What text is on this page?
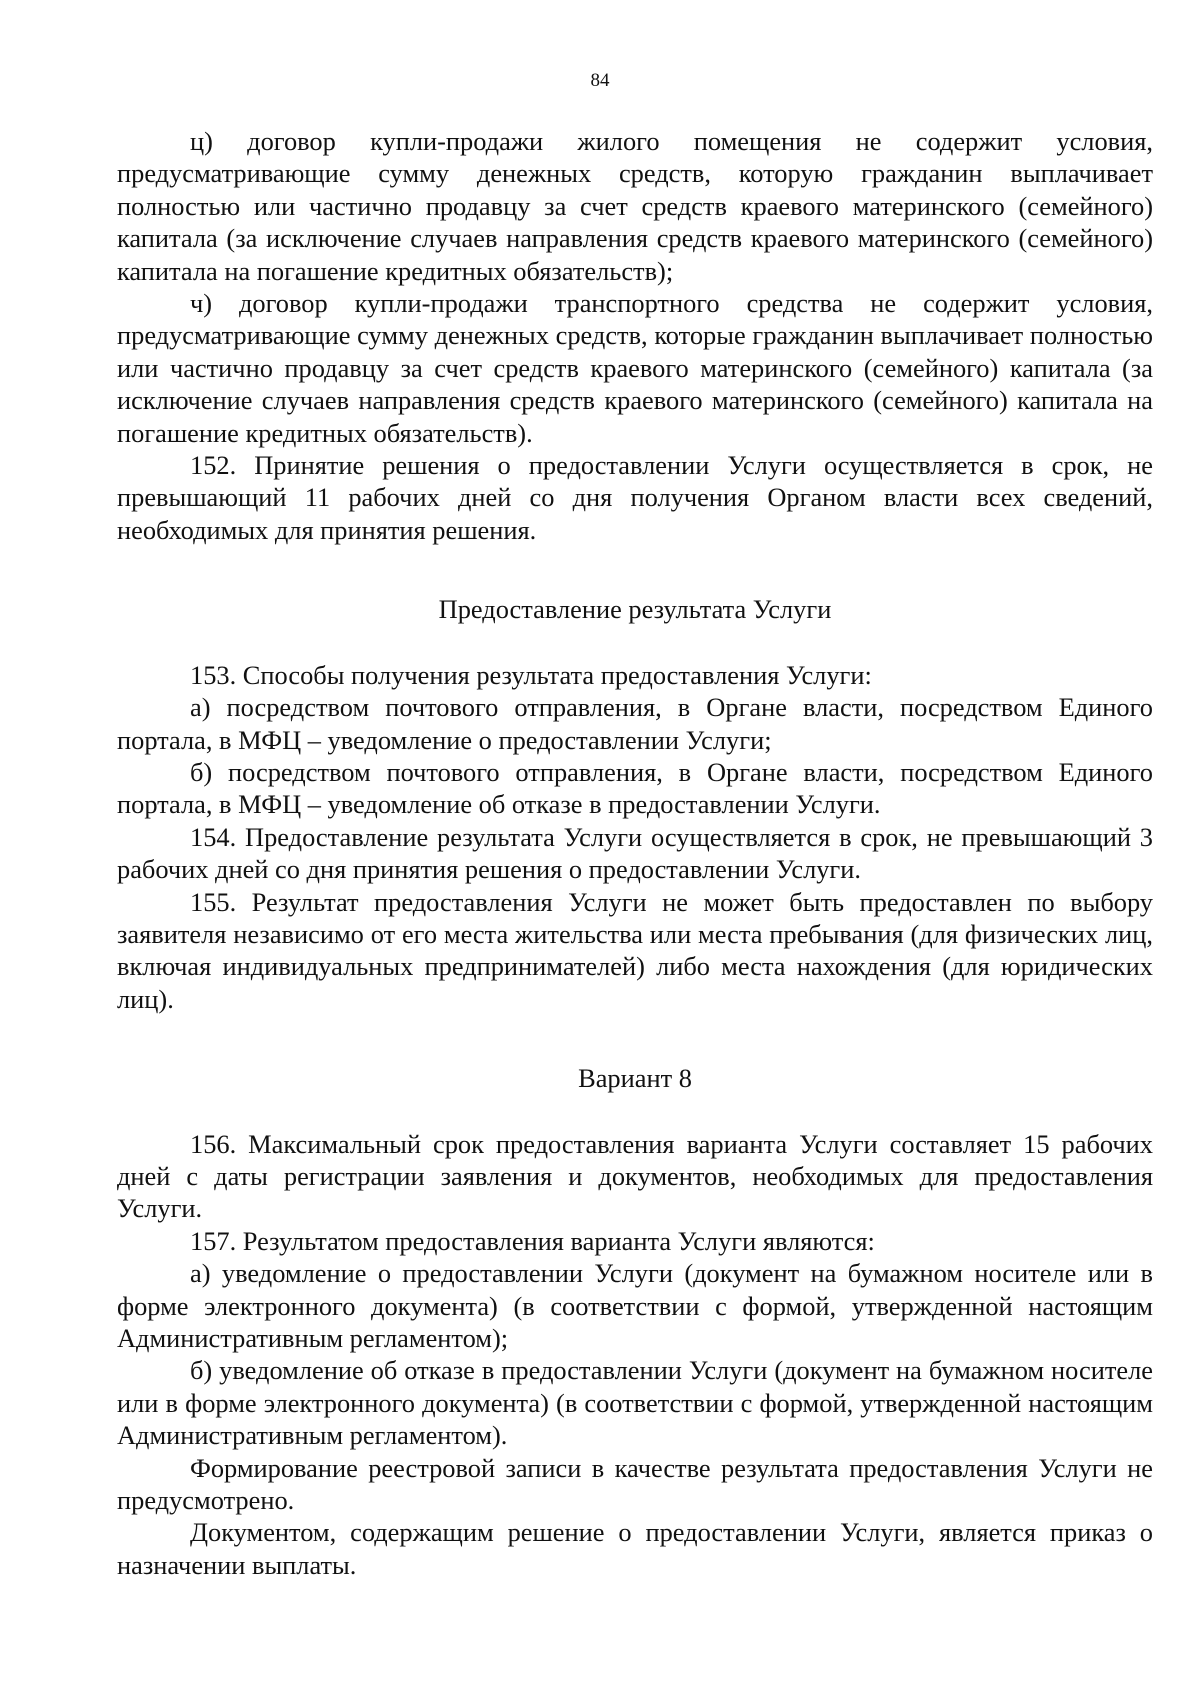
84

ц) договор купли-продажи жилого помещения не содержит условия, предусматривающие сумму денежных средств, которую гражданин выплачивает полностью или частично продавцу за счет средств краевого материнского (семейного) капитала (за исключение случаев направления средств краевого материнского (семейного) капитала на погашение кредитных обязательств);

ч) договор купли-продажи транспортного средства не содержит условия, предусматривающие сумму денежных средств, которые гражданин выплачивает полностью или частично продавцу за счет средств краевого материнского (семейного) капитала (за исключение случаев направления средств краевого материнского (семейного) капитала на погашение кредитных обязательств).

152. Принятие решения о предоставлении Услуги осуществляется в срок, не превышающий 11 рабочих дней со дня получения Органом власти всех сведений, необходимых для принятия решения.

Предоставление результата Услуги

153. Способы получения результата предоставления Услуги:

а) посредством почтового отправления, в Органе власти, посредством Единого портала, в МФЦ – уведомление о предоставлении Услуги;

б) посредством почтового отправления, в Органе власти, посредством Единого портала, в МФЦ – уведомление об отказе в предоставлении Услуги.

154. Предоставление результата Услуги осуществляется в срок, не превышающий 3 рабочих дней со дня принятия решения о предоставлении Услуги.

155. Результат предоставления Услуги не может быть предоставлен по выбору заявителя независимо от его места жительства или места пребывания (для физических лиц, включая индивидуальных предпринимателей) либо места нахождения (для юридических лиц).

Вариант 8

156. Максимальный срок предоставления варианта Услуги составляет 15 рабочих дней с даты регистрации заявления и документов, необходимых для предоставления Услуги.

157. Результатом предоставления варианта Услуги являются:

а) уведомление о предоставлении Услуги (документ на бумажном носителе или в форме электронного документа) (в соответствии с формой, утвержденной настоящим Административным регламентом);

б) уведомление об отказе в предоставлении Услуги (документ на бумажном носителе или в форме электронного документа) (в соответствии с формой, утвержденной настоящим Административным регламентом).

Формирование реестровой записи в качестве результата предоставления Услуги не предусмотрено.

Документом, содержащим решение о предоставлении Услуги, является приказ о назначении выплаты.
